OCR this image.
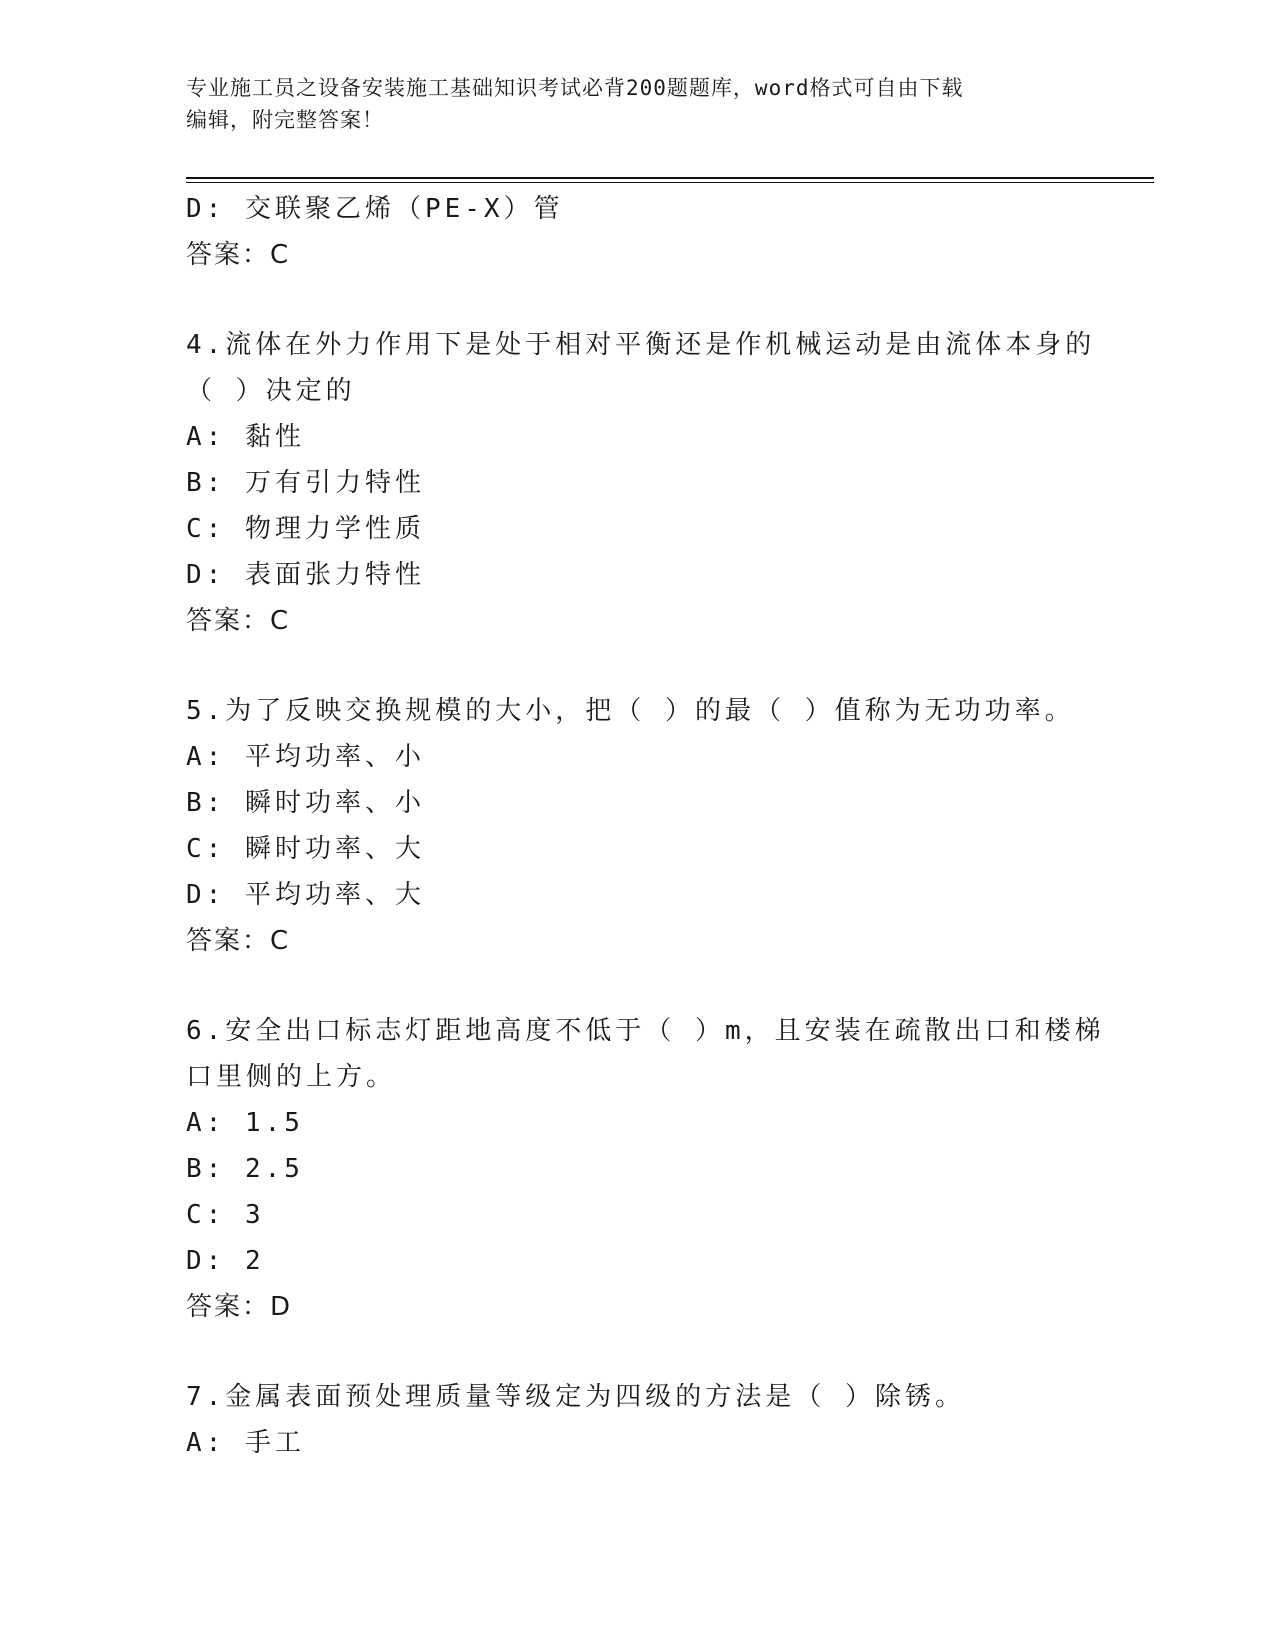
专业施工员之设备安装施工基础知识考试必背200题题库，word格式可自由下载
编辑，附完整答案！
D: 交联聚乙烯（PE-X）管
答案：C
4.流体在外力作用下是处于相对平衡还是作机械运动是由流体本身的
（ ）决定的
A: 黏性
B: 万有引力特性
C: 物理力学性质
D: 表面张力特性
答案：C
5.为了反映交换规模的大小，把（ ）的最（ ）值称为无功功率。
A: 平均功率、小
B: 瞬时功率、小
C: 瞬时功率、大
D: 平均功率、大
答案：C
6.安全出口标志灯距地高度不低于（ ）m，且安装在疏散出口和楼梯
口里侧的上方。
A: 1.5
B: 2.5
C: 3
D: 2
答案：D
7.金属表面预处理质量等级定为四级的方法是（ ）除锈。
A: 手工
